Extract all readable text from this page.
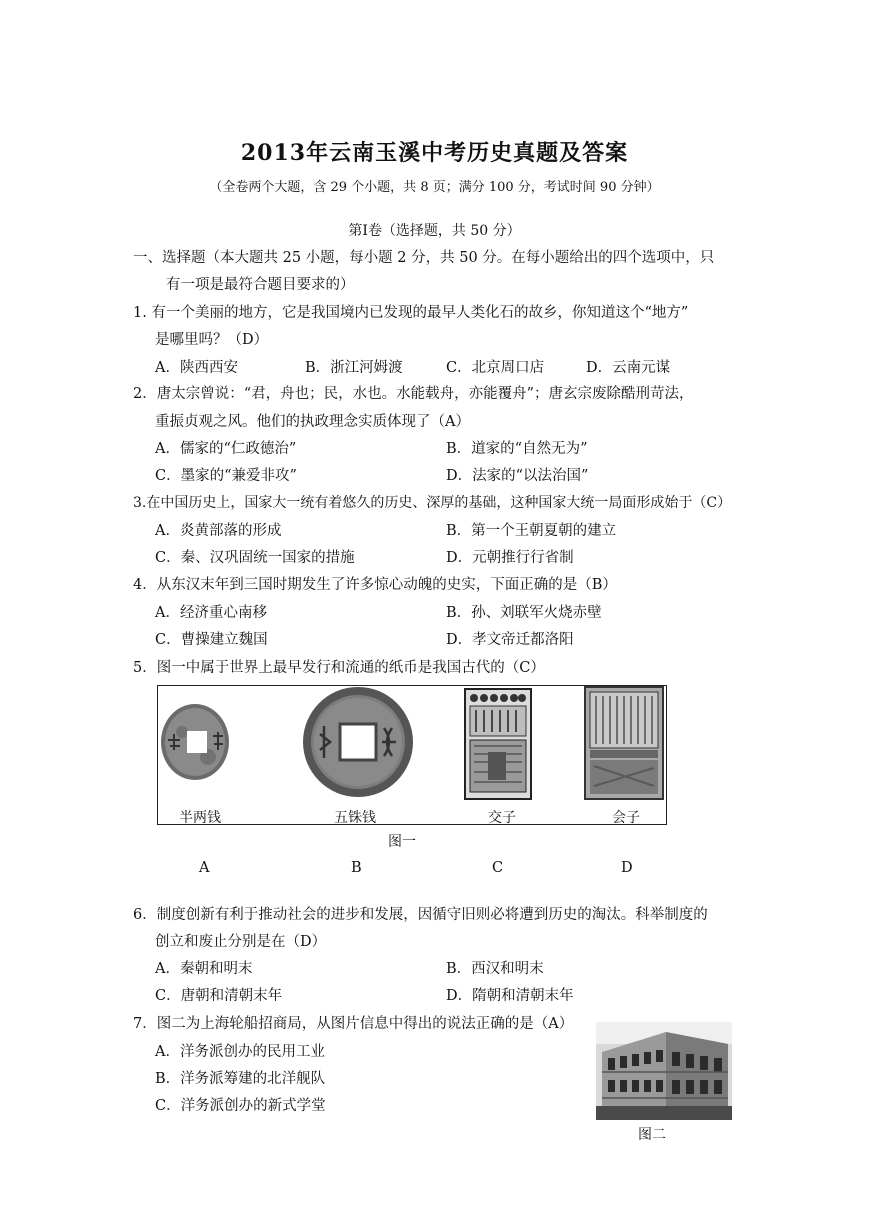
2013年云南玉溪中考历史真题及答案
（全卷两个大题，含 29 个小题，共 8 页；满分 100 分，考试时间 90 分钟）
第Ⅰ卷（选择题，共 50 分）
一、选择题（本大题共 25 小题，每小题 2 分，共 50 分。在每小题给出的四个选项中，只
有一项是最符合题目要求的）
1. 有一个美丽的地方，它是我国境内已发现的最早人类化石的故乡，你知道这个“地方”
是哪里吗？（D）
A．陕西西安	B．浙江河姆渡	C．北京周口店	D．云南元谋
2．唐太宗曾说：“君，舟也；民，水也。水能载舟，亦能覆舟”；唐玄宗废除酷刑苛法，
重振贞观之风。他们的执政理念实质体现了（A）
A．儒家的“仁政德治”	B．道家的“自然无为”
C．墨家的“兼爱非攻”	D．法家的“以法治国”
3.在中国历史上，国家大一统有着悠久的历史、深厚的基础，这种国家大统一局面形成始于（C）
A．炎黄部落的形成	B．第一个王朝夏朝的建立
C．秦、汉巩固统一国家的措施	D．元朝推行行省制
4．从东汉末年到三国时期发生了许多惊心动魄的史实，下面正确的是（B）
A．经济重心南移	B．孙、刘联军火烧赤壁
C．曹操建立魏国	D．孝文帝迁都洛阳
5．图一中属于世界上最早发行和流通的纸币是我国古代的（C）
半两钱	五铢钱	交子	会子
图一
A	B	C	D
6．制度创新有利于推动社会的进步和发展，因循守旧则必将遭到历史的淘汰。科举制度的
创立和废止分别是在（D）
A．秦朝和明末	B．西汉和明末
C．唐朝和清朝末年	D．隋朝和清朝末年
7．图二为上海轮船招商局，从图片信息中得出的说法正确的是（A）
A．洋务派创办的民用工业
B．洋务派筹建的北洋舰队
C．洋务派创办的新式学堂
图二
